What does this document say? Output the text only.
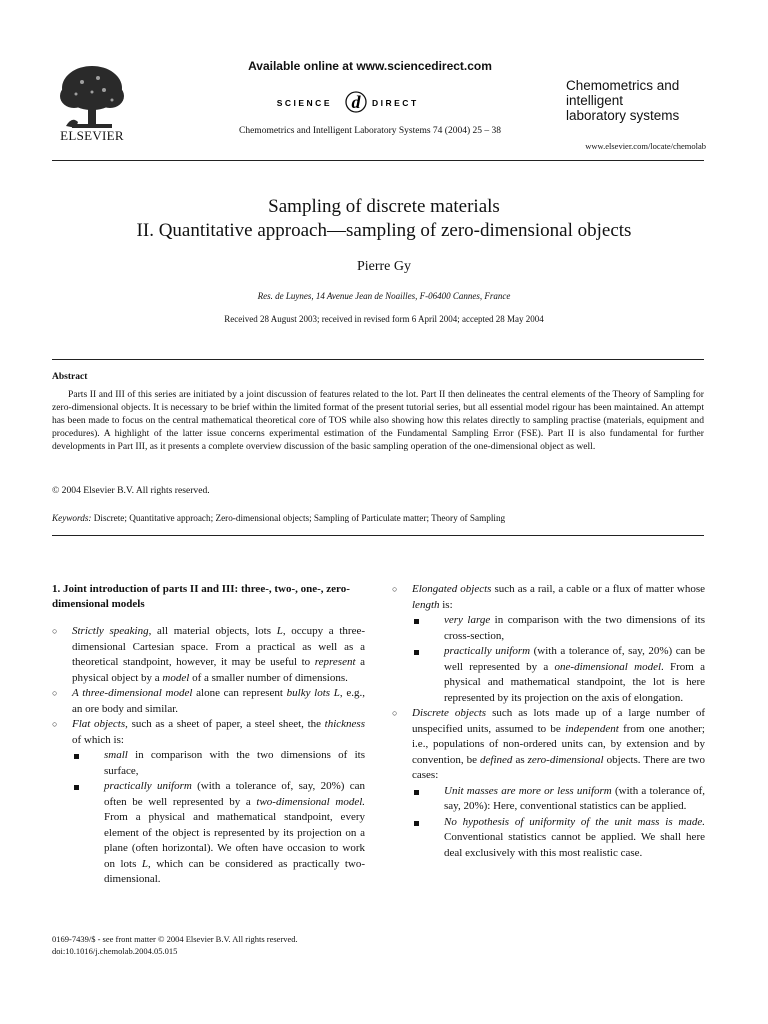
ELSEVIER
Available online at www.sciencedirect.com
SCIENCE d DIRECT
Chemometrics and Intelligent Laboratory Systems 74 (2004) 25 – 38
Chemometrics and
intelligent
laboratory systems
www.elsevier.com/locate/chemolab
Sampling of discrete materials
II. Quantitative approach—sampling of zero-dimensional objects
Pierre Gy
Res. de Luynes, 14 Avenue Jean de Noailles, F-06400 Cannes, France
Received 28 August 2003; received in revised form 6 April 2004; accepted 28 May 2004
Abstract
Parts II and III of this series are initiated by a joint discussion of features related to the lot. Part II then delineates the central elements of the Theory of Sampling for zero-dimensional objects. It is necessary to be brief within the limited format of the present tutorial series, but all essential model rigour has been maintained. An attempt has been made to focus on the central mathematical theoretical core of TOS while also showing how this relates directly to sampling practise (materials, equipment and procedures). A highlight of the latter issue concerns experimental estimation of the Fundamental Sampling Error (FSE). Part II is also fundamental for further developments in Part III, as it presents a complete overview discussion of the basic sampling operation of the one-dimensional object as well.
© 2004 Elsevier B.V. All rights reserved.
Keywords: Discrete; Quantitative approach; Zero-dimensional objects; Sampling of Particulate matter; Theory of Sampling
1. Joint introduction of parts II and III: three-, two-, one-, zero-dimensional models
○	Strictly speaking, all material objects, lots L, occupy a three-dimensional Cartesian space. From a practical as well as a theoretical standpoint, however, it may be useful to represent a physical object by a model of a smaller number of dimensions.
○	A three-dimensional model alone can represent bulky lots L, e.g., an ore body and similar.
○	Flat objects, such as a sheet of paper, a steel sheet, the thickness of which is:
small in comparison with the two dimensions of its surface,
practically uniform (with a tolerance of, say, 20%) can often be well represented by a two-dimensional model. From a physical and mathematical standpoint, every element of the object is represented by its projection on a plane (often horizontal). We often have occasion to work on lots L, which can be considered as practically two-dimensional.
○	Elongated objects such as a rail, a cable or a flux of matter whose length is:
very large in comparison with the two dimensions of its cross-section,
practically uniform (with a tolerance of, say, 20%) can be well represented by a one-dimensional model. From a physical and mathematical standpoint, the lot is here represented by its projection on the axis of elongation.
○	Discrete objects such as lots made up of a large number of unspecified units, assumed to be independent from one another; i.e., populations of non-ordered units can, by extension and by convention, be defined as zero-dimensional objects. There are two cases:
Unit masses are more or less uniform (with a tolerance of, say, 20%): Here, conventional statistics can be applied.
No hypothesis of uniformity of the unit mass is made. Conventional statistics cannot be applied. We shall here deal exclusively with this most realistic case.
0169-7439/$ - see front matter © 2004 Elsevier B.V. All rights reserved.
doi:10.1016/j.chemolab.2004.05.015
